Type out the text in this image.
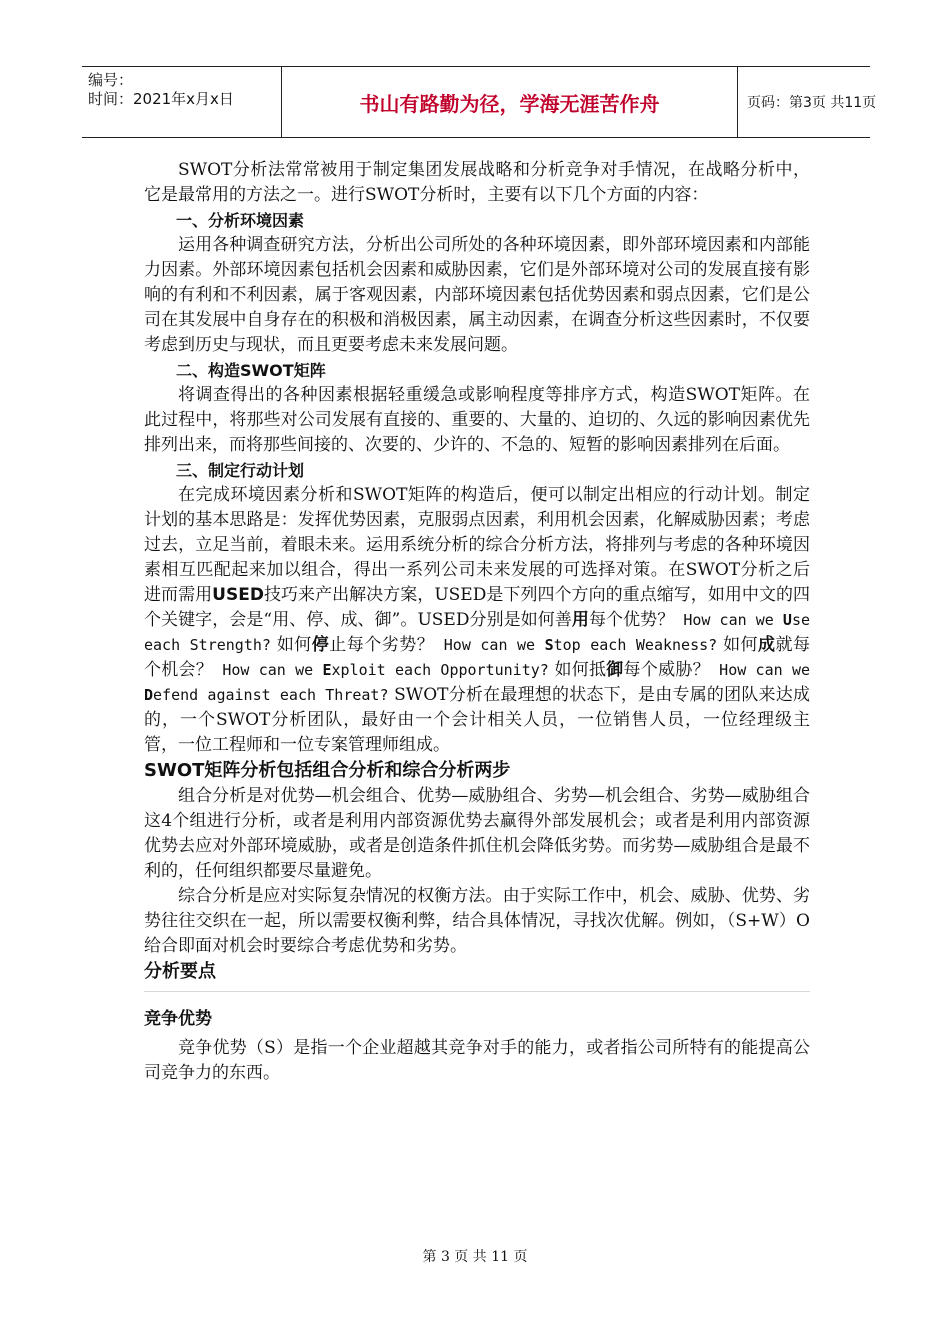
编号：
时间：2021年x月x日	书山有路勤为径，学海无涯苦作舟	页码：第3页 共11页

SWOT分析法常常被用于制定集团发展战略和分析竞争对手情况，在战略分析中，它是最常用的方法之一。进行SWOT分析时，主要有以下几个方面的内容：

一、分析环境因素

运用各种调查研究方法，分析出公司所处的各种环境因素，即外部环境因素和内部能力因素。外部环境因素包括机会因素和威胁因素，它们是外部环境对公司的发展直接有影响的有利和不利因素，属于客观因素，内部环境因素包括优势因素和弱点因素，它们是公司在其发展中自身存在的积极和消极因素，属主动因素，在调查分析这些因素时，不仅要考虑到历史与现状，而且更要考虑未来发展问题。

二、构造SWOT矩阵

将调查得出的各种因素根据轻重缓急或影响程度等排序方式，构造SWOT矩阵。在此过程中，将那些对公司发展有直接的、重要的、大量的、迫切的、久远的影响因素优先排列出来，而将那些间接的、次要的、少许的、不急的、短暂的影响因素排列在后面。

三、制定行动计划

在完成环境因素分析和SWOT矩阵的构造后，便可以制定出相应的行动计划。制定计划的基本思路是：发挥优势因素，克服弱点因素，利用机会因素，化解威胁因素；考虑过去，立足当前，着眼未来。运用系统分析的综合分析方法，将排列与考虑的各种环境因素相互匹配起来加以组合，得出一系列公司未来发展的可选择对策。在SWOT分析之后进而需用USED技巧来产出解决方案，USED是下列四个方向的重点缩写，如用中文的四个关键字，会是“用、停、成、御”。USED分别是如何善用每个优势？ How can we Use each Strength? 如何停止每个劣势？ How can we Stop each Weakness? 如何成就每个机会？ How can we Exploit each Opportunity? 如何抵御每个威胁？ How can we Defend against each Threat? SWOT分析在最理想的状态下，是由专属的团队来达成的，一个SWOT分析团队，最好由一个会计相关人员，一位销售人员，一位经理级主管，一位工程师和一位专案管理师组成。

SWOT矩阵分析包括组合分析和综合分析两步

组合分析是对优势—机会组合、优势—威胁组合、劣势—机会组合、劣势—威胁组合这4个组进行分析，或者是利用内部资源优势去赢得外部发展机会；或者是利用内部资源优势去应对外部环境威胁，或者是创造条件抓住机会降低劣势。而劣势—威胁组合是最不利的，任何组织都要尽量避免。

综合分析是应对实际复杂情况的权衡方法。由于实际工作中，机会、威胁、优势、劣势往往交织在一起，所以需要权衡利弊，结合具体情况，寻找次优解。例如，（S+W）O给合即面对机会时要综合考虑优势和劣势。

分析要点
竞争优势

竞争优势（S）是指一个企业超越其竞争对手的能力，或者指公司所特有的能提高公司竞争力的东西。

第 3 页 共 11 页
